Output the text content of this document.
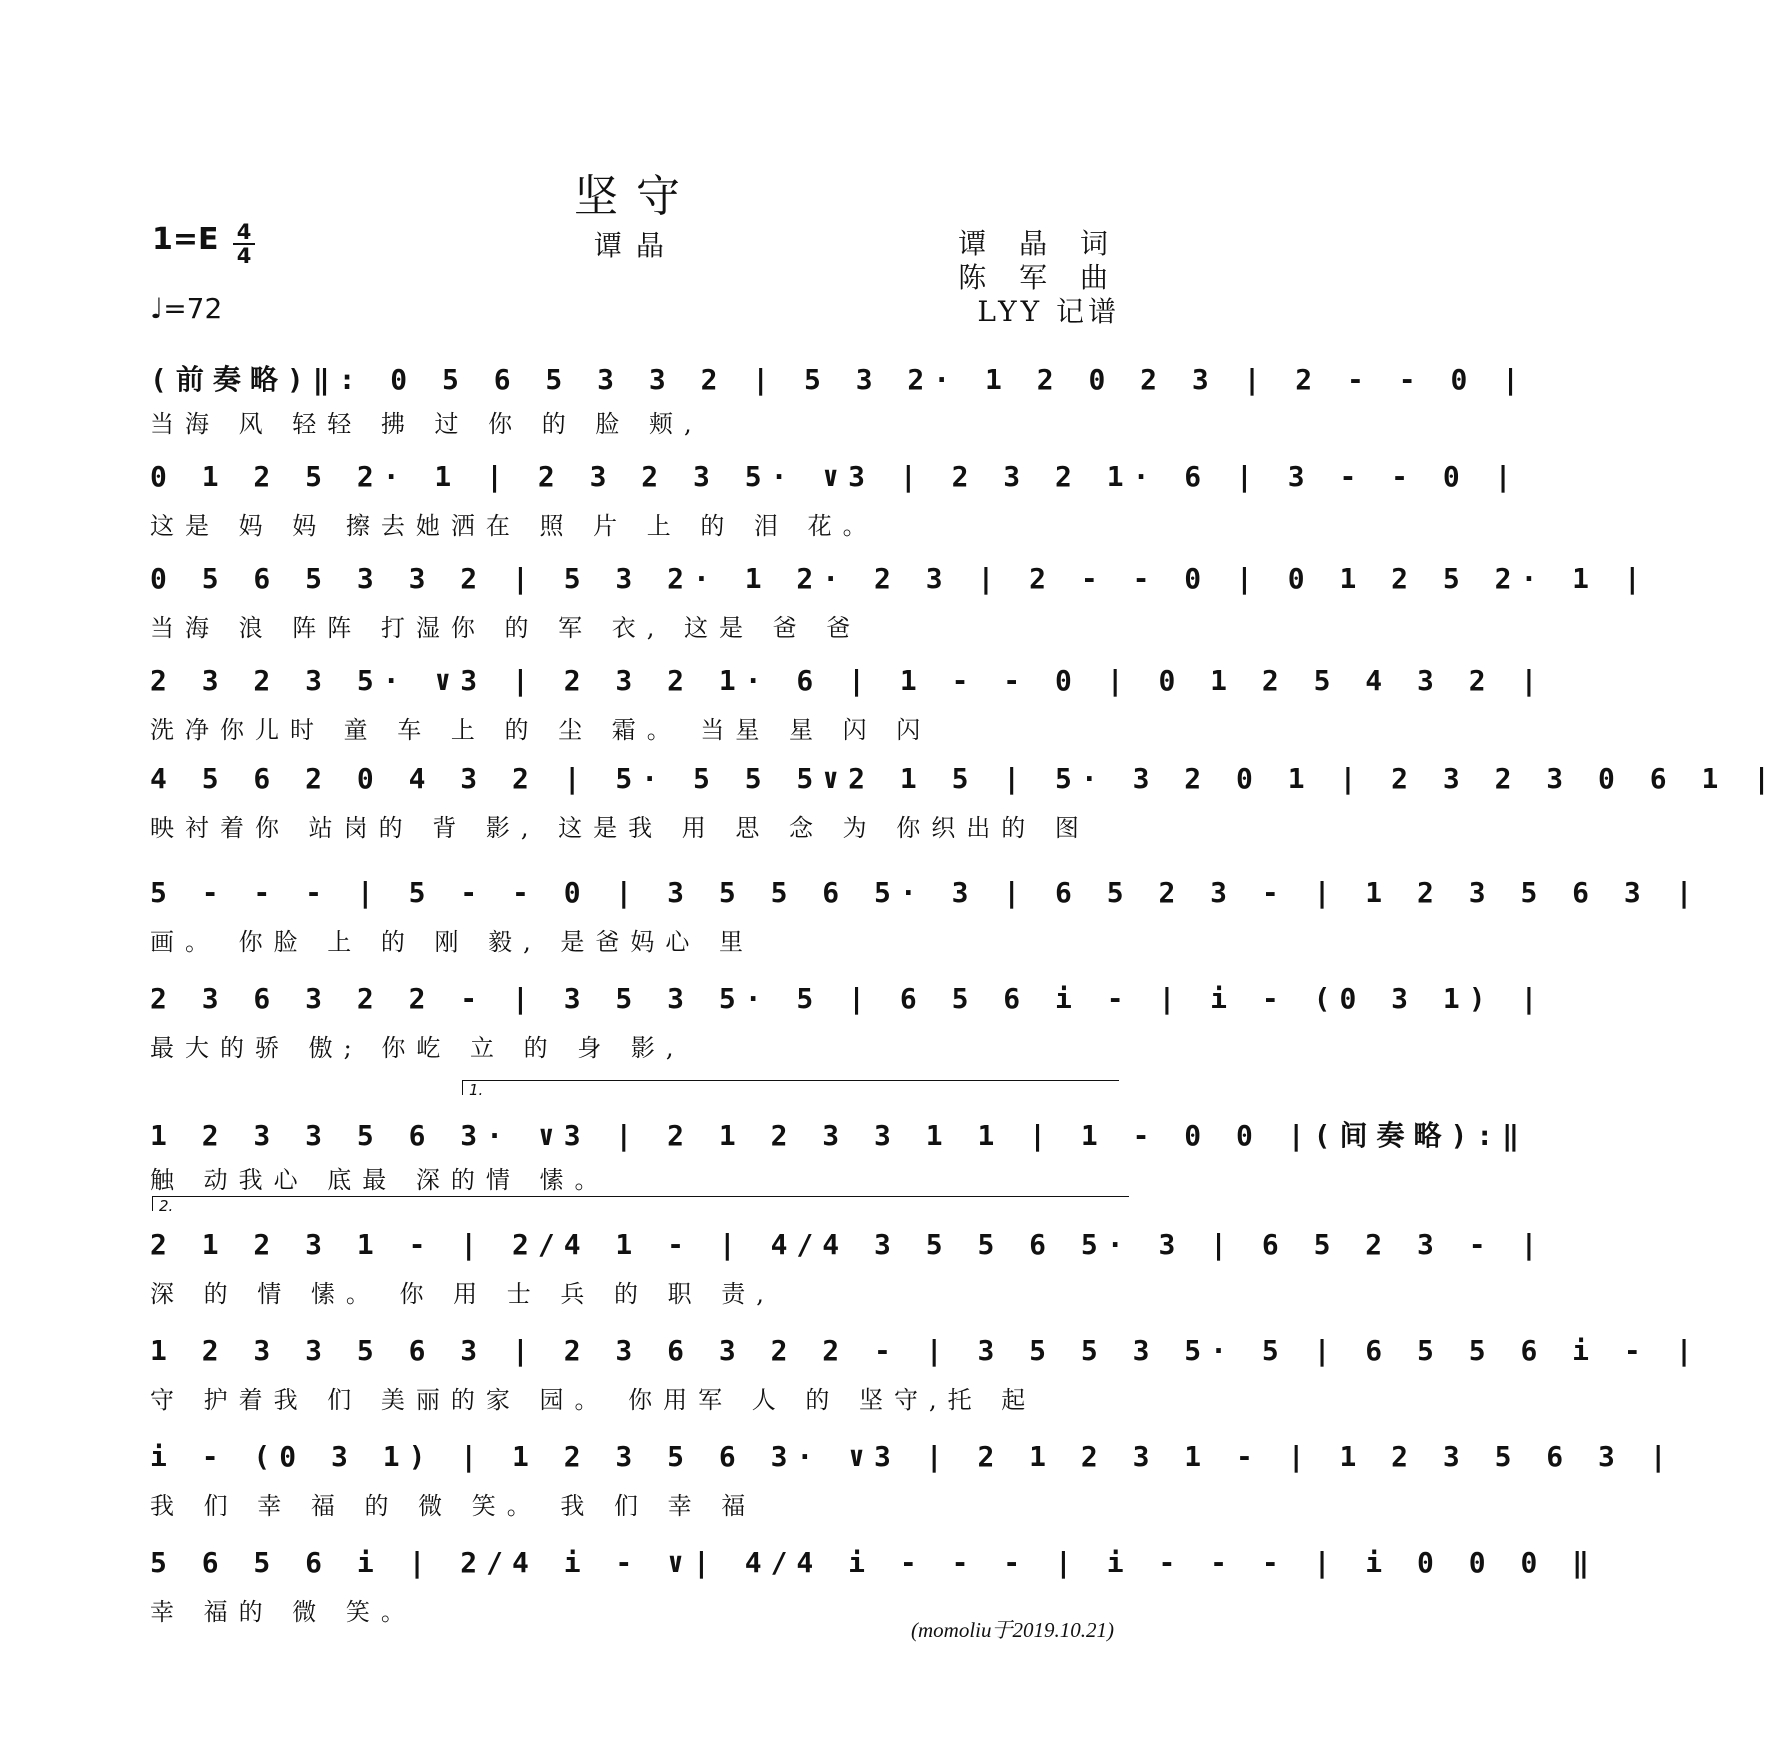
坚守
1=E 4
4	谭晶	谭 晶 词
陈 军 曲
LYY 记谱
♩=72
(前奏略)‖: 0 5 6 5 3 3 2 | 5 3 2· 1 2 0 2 3 | 2 - - 0 |
当海 风 轻轻 拂 过 你 的 脸 颊,
0 1 2 5 2· 1 | 2 3 2 3 5· ∨3 | 2 3 2 1· 6 | 3 - - 0 |
这是 妈 妈 擦去她洒在 照 片 上 的 泪 花。
0 5 6 5 3 3 2 | 5 3 2· 1 2· 2 3 | 2 - - 0 | 0 1 2 5 2· 1 |
当海 浪 阵阵 打湿你 的 军 衣, 这是 爸 爸
2 3 2 3 5· ∨3 | 2 3 2 1· 6 | 1 - - 0 | 0 1 2 5 4 3 2 |
洗净你儿时 童 车 上 的 尘 霜。 当星 星 闪 闪
4 5 6 2 0 4 3 2 | 5· 5 5 5∨2 1 5 | 5· 3 2 0 1 | 2 3 2 3 0 6 1 |
映衬着你 站岗的 背 影, 这是我 用 思 念 为 你织出的 图
5 - - - | 5 - - 0 | 3 5 5 6 5· 3 | 6 5 2 3 - | 1 2 3 5 6 3 |
画。 你脸 上 的 刚 毅, 是爸妈心 里
2 3 6 3 2 2 - | 3 5 3 5· 5 | 6 5 6 i - | i - (0 3 1) |
最大的骄 傲; 你屹 立 的 身 影,
1.
1 2 3 3 5 6 3· ∨3 | 2 1 2 3 3 1 1 | 1 - 0 0 |(间奏略):‖
触 动我心 底最 深的情 愫。
2.
2 1 2 3 1 - | 2/4 1 - | 4/4 3 5 5 6 5· 3 | 6 5 2 3 - |
深 的 情 愫。 你 用 士 兵 的 职 责,
1 2 3 3 5 6 3 | 2 3 6 3 2 2 - | 3 5 5 3 5· 5 | 6 5 5 6 i - |
守 护着我 们 美丽的家 园。 你用军 人 的 坚守,托 起
i - (0 3 1) | 1 2 3 5 6 3· ∨3 | 2 1 2 3 1 - | 1 2 3 5 6 3 |
我 们 幸 福 的 微 笑。 我 们 幸 福
5 6 5 6 i | 2/4 i - ∨| 4/4 i - - - | i - - - | i 0 0 0 ‖
幸 福的 微 笑。
(momoliu于2019.10.21)
